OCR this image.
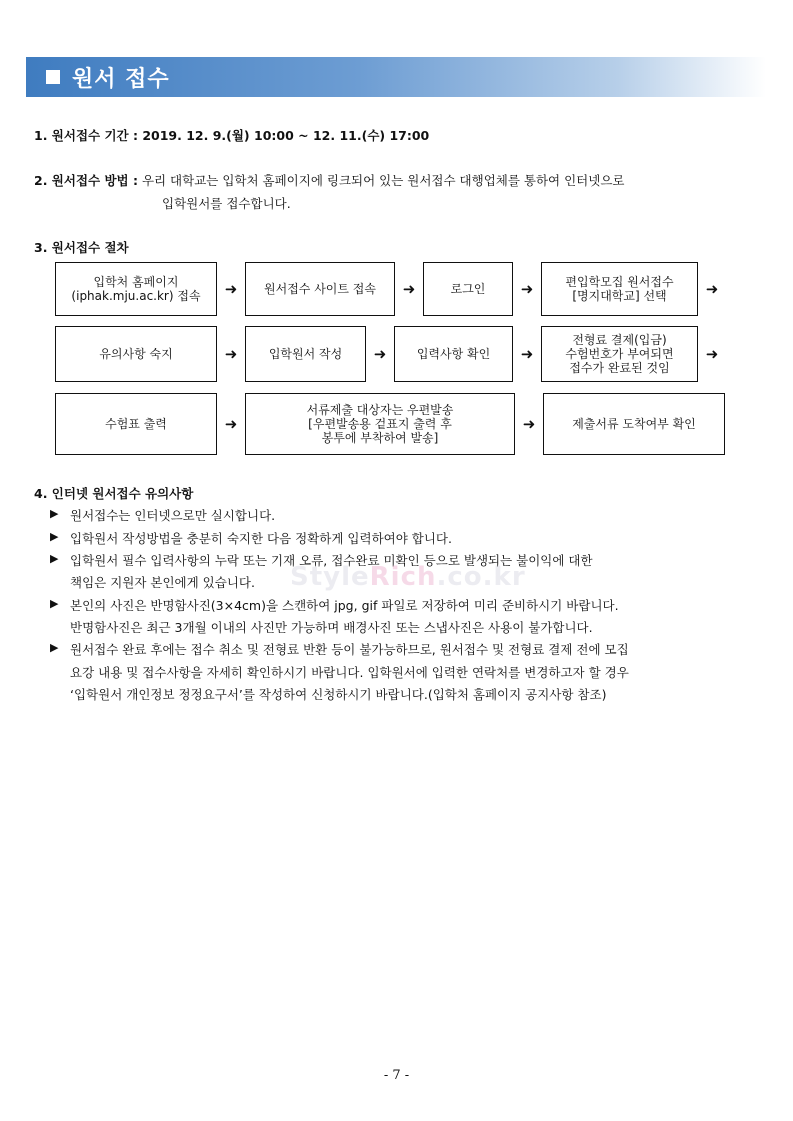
원서 접수
1. 원서접수 기간 : 2019. 12. 9.(월) 10:00 ~ 12. 11.(수) 17:00
2. 원서접수 방법 : 우리 대학교는 입학처 홈페이지에 링크되어 있는 원서접수 대행업체를 통하여 인터넷으로
입학원서를 접수합니다.
3. 원서접수 절차
입학처 홈페이지
(iphak.mju.ac.kr) 접속	➜	원서접수 사이트 접속	➜	로그인	➜	편입학모집 원서접수
[명지대학교] 선택	➜
유의사항 숙지	➜	입학원서 작성	➜	입력사항 확인	➜
전형료 결제(입금)
수험번호가 부여되면
접수가 완료된 것임
➜
수험표 출력	➜
서류제출 대상자는 우편발송
[우편발송용 겉표지 출력 후
봉투에 부착하여 발송]
➜	제출서류 도착여부 확인
4. 인터넷 원서접수 유의사항
▶ 원서접수는 인터넷으로만 실시합니다.
▶ 입학원서 작성방법을 충분히 숙지한 다음 정확하게 입력하여야 합니다.
▶ 입학원서 필수 입력사항의 누락 또는 기재 오류, 접수완료 미확인 등으로 발생되는 불이익에 대한
책임은 지원자 본인에게 있습니다. StyleRich.co.kr
▶ 본인의 사진은 반명함사진(3×4cm)을 스캔하여 jpg, gif 파일로 저장하여 미리 준비하시기 바랍니다.
반명함사진은 최근 3개월 이내의 사진만 가능하며 배경사진 또는 스냅사진은 사용이 불가합니다.
▶ 원서접수 완료 후에는 접수 취소 및 전형료 반환 등이 불가능하므로, 원서접수 및 전형료 결제 전에 모집
요강 내용 및 접수사항을 자세히 확인하시기 바랍니다. 입학원서에 입력한 연락처를 변경하고자 할 경우
‘입학원서 개인정보 정정요구서’를 작성하여 신청하시기 바랍니다.(입학처 홈페이지 공지사항 참조)
- 7 -
